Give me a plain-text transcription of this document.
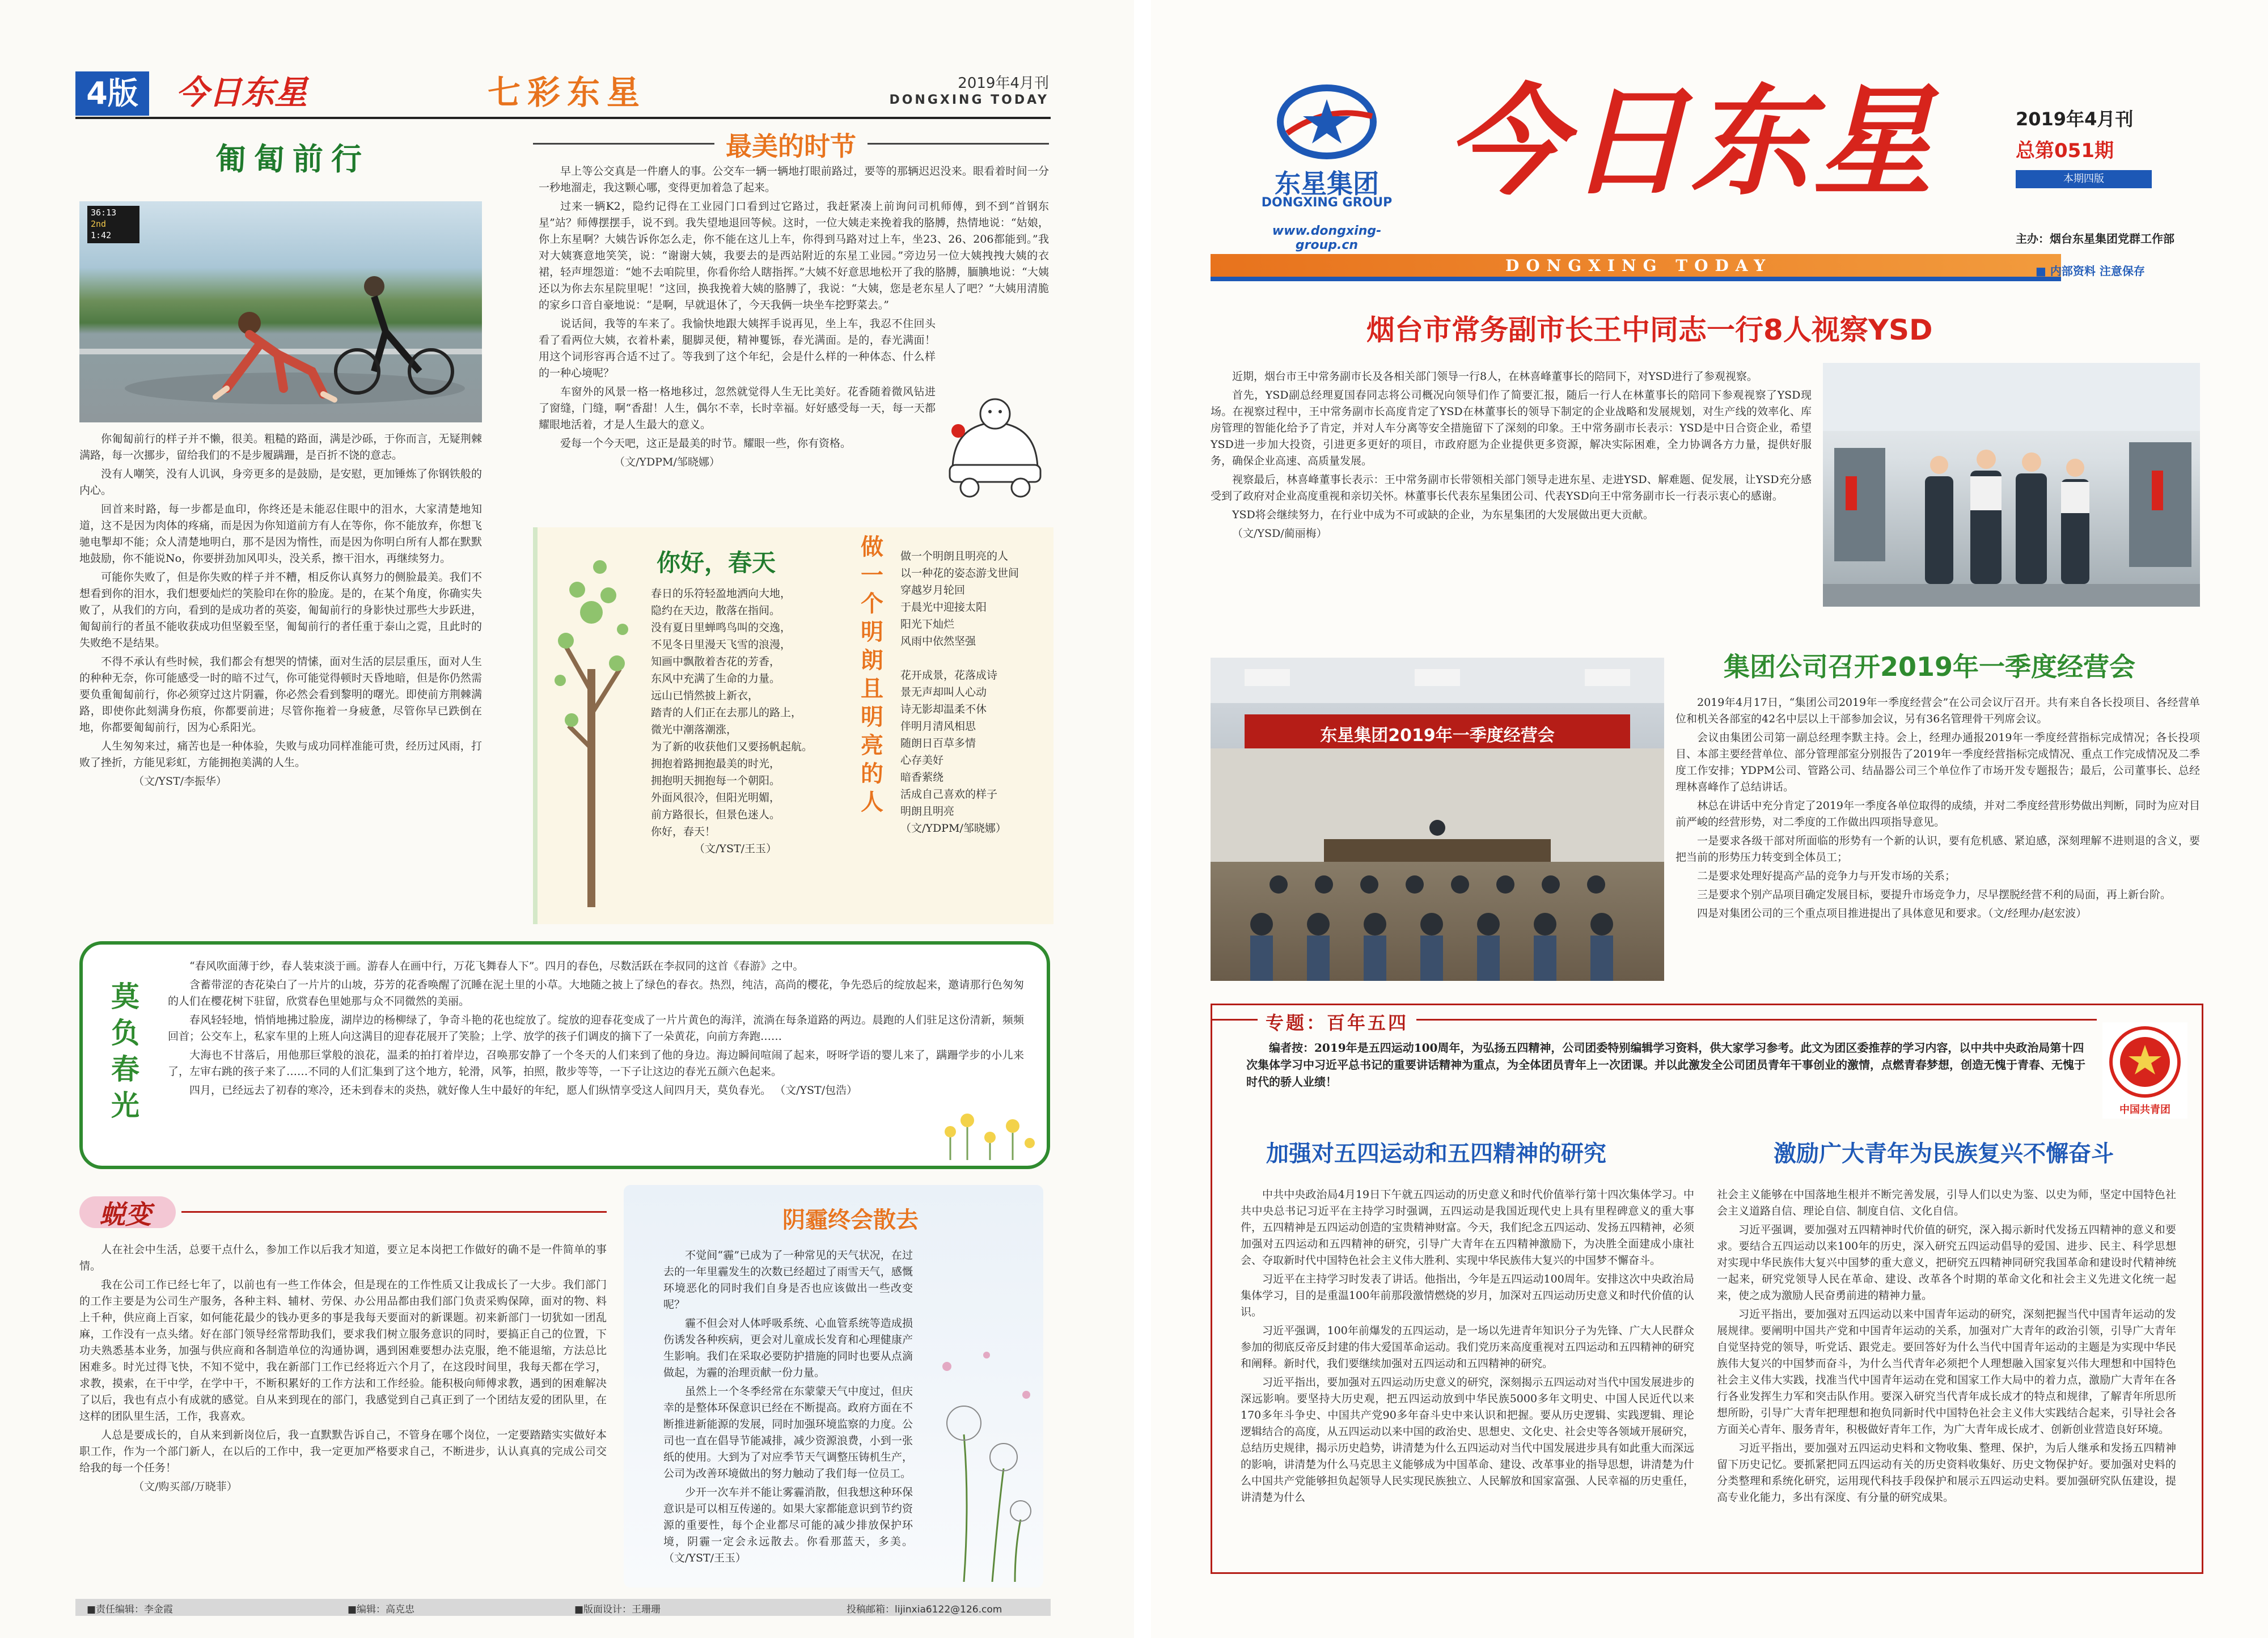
4版	今日东星	七彩东星	2019年4月刊
DONGXING TODAY
匍匐前行
36:13
2nd
1:42

你匍匐前行的样子并不懒，很美。粗糙的路面，满是沙砾，于你而言，无疑荆棘满路，每一次挪步，留给我们的不是步履蹒跚，是百折不饶的意志。

没有人嘲笑，没有人讥讽，身旁更多的是鼓励，是安慰，更加锤炼了你钢铁般的内心。

回首来时路，每一步都是血印，你终还是未能忍住眼中的泪水，大家清楚地知道，这不是因为肉体的疼痛，而是因为你知道前方有人在等你，你不能放弃，你想飞驰电掣却不能；众人清楚地明白，那不是因为惰性，而是因为你明白所有人都在默默地鼓励，你不能说No，你要拼劲加风叩头，没关系，擦干泪水，再继续努力。

可能你失败了，但是你失败的样子并不糟，相反你认真努力的侧脸最美。我们不想看到你的泪水，我们想要灿烂的笑脸印在你的脸庞。是的，在某个角度，你确实失败了，从我们的方向，看到的是成功者的英姿，匍匐前行的身影快过那些大步跃进，匍匐前行的者虽不能收获成功但坚毅至坚，匍匐前行的者任重于泰山之霓，且此时的失败绝不是结果。

不得不承认有些时候，我们都会有想哭的情愫，面对生活的层层重压，面对人生的种种无奈，你可能感受一时的暗不过气，你可能觉得顿时天昏地暗，但是你仍然需要负重匍匐前行，你必须穿过这片阴霾，你必然会看到黎明的曙光。即使前方荆棘满路，即使你此刻满身伤痕，你都要前进；尽管你拖着一身疲惫，尽管你早已跌倒在地，你都要匍匐前行，因为心系阳光。

人生匆匆来过，痛苦也是一种体验，失败与成功同样准能可贵，经历过风雨，打败了挫折，方能见彩虹，方能拥抱美满的人生。

（文/YST/李振华）
最美的时节

早上等公交真是一件磨人的事。公交车一辆一辆地打眼前路过，要等的那辆迟迟没来。眼看着时间一分一秒地溜走，我这颗心哪，变得更加着急了起来。

过来一辆K2，隐约记得在工业园门口看到过它路过，我赶紧凑上前询问司机师傅，到不到“首钢东星”站？师傅摆摆手，说不到。我失望地退回等候。这时，一位大姨走来挽着我的胳膊，热情地说：“姑娘，你上东星啊？大姨告诉你怎么走，你不能在这儿上车，你得到马路对过上车，坐23、26、206都能到。”我对大姨赛意地笑笑，说：“谢谢大姨，我要去的是西站附近的东星工业园。”旁边另一位大姨拽拽大姨的衣裙，轻声埋怨道：“她不去咱院里，你看你给人瞎指挥。”大姨不好意思地松开了我的胳膊，腼腆地说：“大姨还以为你去东星院里呢！”这回，换我挽着大姨的胳膊了，我说：“大姨，您是老东星人了吧？”大姨用清脆的家乡口音自豪地说：“是啊，早就退休了，今天我俩一块坐车挖野菜去。”

说话间，我等的车来了。我愉快地跟大姨挥手说再见，坐上车，我忍不住回头看了看两位大姨，衣着朴素，腿脚灵便，精神矍铄，春光满面。是的，春光满面！用这个词形容再合适不过了。等我到了这个年纪，会是什么样的一种体态、什么样的一种心境呢？

车窗外的风景一格一格地移过，忽然就觉得人生无比美好。花香随着微风钻进了窗缝，门缝，啊“香甜！人生，偶尔不幸，长时幸福。好好感受每一天，每一天都耀眼地活着，才是人生最大的意义。

爱每一个今天吧，这正是最美的时节。耀眼一些，你有资格。

（文/YDPM/邹晓娜）
你好，春天
春日的乐符轻盈地洒向大地，
隐约在天边，散落在指间。
没有夏日里蝉鸣鸟叫的交逸，
不见冬日里漫天飞雪的浪漫，
知画中飘散着杏花的芳香，
东风中充满了生命的力量。
远山已悄然披上新衣，
踏青的人们正在去那儿的路上，
微光中潮落潮涨，
为了新的收获他们又要扬帆起航。
拥抱着路拥抱最美的时光，
拥抱明天拥抱每一个朝阳。
外面风很冷，但阳光明媚，
前方路很长，但景色迷人。
你好，春天！
（文/YST/王玉）
做一个明朗且明亮的人
做一个明朗且明亮的人
以一种花的姿态游戈世间
穿越岁月轮回
于晨光中迎接太阳
阳光下灿烂
风雨中依然坚强
花开成景，花落成诗
景无声却叫人心动
诗无影却温柔不休
伴明月清风相思
随朗日百草多情
心存美好
暗香萦绕
活成自己喜欢的样子
明朗且明亮
（文/YDPM/邹晓娜）
莫负
春光

“春风吹面薄于纱，春人装束淡于画。游春人在画中行，万花飞舞春人下”。四月的春色，尽数活跃在李叔同的这首《春游》之中。

含蓄带涩的杏花染白了一片片的山坡，芬芳的花香唤醒了沉睡在泥土里的小草。大地随之披上了绿色的春衣。热烈，纯洁，高尚的樱花，争先恐后的绽放起来，邀请那行色匆匆的人们在樱花树下驻留，欣赏春色里她那与众不同微然的美丽。

春风轻轻地，悄悄地拂过脸庞，湖岸边的杨柳绿了，争奇斗艳的花也绽放了。绽放的迎春花变成了一片片黄色的海洋，流淌在每条道路的两边。晨跑的人们驻足这份清新，频频回首；公交车上，私家车里的上班人向这满目的迎春花展开了笑脸；上学、放学的孩子们调皮的摘下了一朵黄花，向前方奔跑……

大海也不甘落后，用他那巨掌般的浪花，温柔的拍打着岸边，召唤那安静了一个冬天的人们来到了他的身边。海边瞬间喧闹了起来，呀呀学语的婴儿来了，蹒跚学步的小儿来了，左审右跳的孩子来了……不同的人们汇集到了这个地方，轮滑，风筝，拍照，散步等等，一下子让这边的春光五颜六色起来。

四月，已经远去了初春的寒冷，还未到春末的炎热，就好像人生中最好的年纪，愿人们纵情享受这人间四月天，莫负春光。 （文/YST/包浩）

蜕变

人在社会中生活，总要干点什么，参加工作以后我才知道，要立足本岗把工作做好的确不是一件简单的事情。

我在公司工作已经七年了，以前也有一些工作体会，但是现在的工作性质又让我成长了一大步。我们部门的工作主要是为公司生产服务，各种主料、辅材、劳保、办公用品都由我们部门负责采购保障，面对的物、料上千种，供应商上百家，如何能花最少的钱办更多的事是我每天要面对的新课题。初来新部门一切犹如一团乱麻，工作没有一点头绪。好在部门领导经常帮助我们，要求我们树立服务意识的同时，要搞正自己的位置，下功夫熟悉基本业务，加强与供应商和各制造单位的沟通协调，遇到困难要想办法克服，绝不能退缩，方法总比困难多。时光过得飞快，不知不觉中，我在新部门工作已经将近六个月了，在这段时间里，我每天都在学习，求教，摸索，在干中学，在学中干，不断积累好的工作方法和工作经验。能积极向师傅求教，遇到的困难解决了以后，我也有点小有成就的感觉。自从来到现在的部门，我感觉到自己真正到了一个团结友爱的团队里，在这样的团队里生活，工作，我喜欢。

人总是要成长的，自从来到新岗位后，我一直默默告诉自己，不管身在哪个岗位，一定要踏踏实实做好本职工作，作为一个部门新人，在以后的工作中，我一定更加严格要求自己，不断进步，认认真真的完成公司交给我的每一个任务！

（文/购买部/万晓菲）
阴霾终会散去

不觉间“霾”已成为了一种常见的天气状况，在过去的一年里霾发生的次数已经超过了雨雪天气，感慨环境恶化的同时我们自身是否也应该做出一些改变呢？

霾不但会对人体呼吸系统、心血管系统等造成损伤诱发各种疾病，更会对儿童成长发育和心理健康产生影响。我们在采取必要防护措施的同时也要从点滴做起，为霾的治理贡献一份力量。

虽然上一个冬季经常在东蒙蒙天气中度过，但庆幸的是整体环保意识已经在不断提高。政府方面在不断推进新能源的发展，同时加强环境监察的力度。公司也一直在倡导节能减排，减少资源浪费，小到一张纸的使用。大到为了对应季节天气调整压铸机生产，公司为改善环境做出的努力触动了我们每一位员工。

少开一次车并不能让雾霾消散，但我想这种环保意识是可以相互传递的。如果大家都能意识到节约资源的重要性，每个企业都尽可能的减少排放保护环境，阴霾一定会永远散去。你看那蓝天，多美。 （文/YST/王玉）

■责任编辑：李金霞	■编辑：高克忠	■版面设计：王珊珊	投稿邮箱：lijinxia6122@126.com
东星集团
DONGXING GROUP
www.dongxing-group.cn
今日东星	2019年4月刊
总第051期
本期四版
主办：烟台东星集团党群工作部
DONGXING TODAY	■ 内部资料 注意保存
烟台市常务副市长王中同志一行8人视察YSD

近期，烟台市王中常务副市长及各相关部门领导一行8人，在林喜峰董事长的陪同下，对YSD进行了参观视察。

首先，YSD副总经理夏国春同志将公司概况向领导们作了简要汇报，随后一行人在林董事长的陪同下参观视察了YSD现场。在视察过程中，王中常务副市长高度肯定了YSD在林董事长的领导下制定的企业战略和发展规划，对生产线的效率化、库房管理的智能化给予了肯定，并对人车分离等安全措施留下了深刻的印象。王中常务副市长表示：YSD是中日合资企业，希望YSD进一步加大投资，引进更多更好的项目，市政府愿为企业提供更多资源，解决实际困难，全力协调各方力量，提供好服务，确保企业高速、高质量发展。

视察最后，林喜峰董事长表示：王中常务副市长带领相关部门领导走进东星、走进YSD、解难题、促发展，让YSD充分感受到了政府对企业高度重视和亲切关怀。林董事长代表东星集团公司、代表YSD向王中常务副市长一行表示衷心的感谢。

YSD将会继续努力，在行业中成为不可或缺的企业，为东星集团的大发展做出更大贡献。

（文/YSD/蔺丽梅）
东星集团2019年一季度经营会
集团公司召开2019年一季度经营会

2019年4月17日，“集团公司2019年一季度经营会”在公司会议厅召开。共有来自各长投项目、各经营单位和机关各部室的42名中层以上干部参加会议，另有36名管理骨干列席会议。

会议由集团公司第一副总经理李默主持。会上，经理办通报2019年一季度经营指标完成情况；各长投项目、本部主要经营单位、部分管理部室分别报告了2019年一季度经营指标完成情况、重点工作完成情况及二季度工作安排；YDPM公司、管路公司、结晶器公司三个单位作了市场开发专题报告；最后，公司董事长、总经理林喜峰作了总结讲话。

林总在讲话中充分肯定了2019年一季度各单位取得的成绩，并对二季度经营形势做出判断，同时为应对目前严峻的经营形势，对二季度的工作做出四项指导意见。

一是要求各级干部对所面临的形势有一个新的认识，要有危机感、紧迫感，深刻理解不进则退的含义，要把当前的形势压力转变到全体员工；

二是要求处理好提高产品的竞争力与开发市场的关系；

三是要求个别产品项目确定发展目标，要提升市场竞争力，尽早摆脱经营不利的局面，再上新台阶。

四是对集团公司的三个重点项目推进提出了具体意见和要求。（文/经理办/赵宏波）

专题：百年五四
中国共青团
编者按：2019年是五四运动100周年，为弘扬五四精神，公司团委特别编辑学习资料，供大家学习参考。此文为团区委推荐的学习内容，以中共中央政治局第十四次集体学习中习近平总书记的重要讲话精神为重点，为全体团员青年上一次团课。并以此激发全公司团员青年干事创业的激情，点燃青春梦想，创造无愧于青春、无愧于时代的骄人业绩！
加强对五四运动和五四精神的研究	激励广大青年为民族复兴不懈奋斗

中共中央政治局4月19日下午就五四运动的历史意义和时代价值举行第十四次集体学习。中共中央总书记习近平在主持学习时强调，五四运动是我国近现代史上具有里程碑意义的重大事件，五四精神是五四运动创造的宝贵精神财富。今天，我们纪念五四运动、发扬五四精神，必须加强对五四运动和五四精神的研究，引导广大青年在五四精神激励下，为决胜全面建成小康社会、夺取新时代中国特色社会主义伟大胜利、实现中华民族伟大复兴的中国梦不懈奋斗。

习近平在主持学习时发表了讲话。他指出，今年是五四运动100周年。安排这次中央政治局集体学习，目的是重温100年前那段激情燃烧的岁月，加深对五四运动历史意义和时代价值的认识。

习近平强调，100年前爆发的五四运动，是一场以先进青年知识分子为先锋、广大人民群众参加的彻底反帝反封建的伟大爱国革命运动。我们党历来高度重视对五四运动和五四精神的研究和阐释。新时代，我们要继续加强对五四运动和五四精神的研究。

习近平指出，要加强对五四运动历史意义的研究，深刻揭示五四运动对当代中国发展进步的深远影响。要坚持大历史观，把五四运动放到中华民族5000多年文明史、中国人民近代以来170多年斗争史、中国共产党90多年奋斗史中来认识和把握。要从历史逻辑、实践逻辑、理论逻辑结合的高度，从五四运动以来中国的政治史、思想史、文化史、社会史等各领域开展研究，总结历史规律，揭示历史趋势，讲清楚为什么五四运动对当代中国发展进步具有如此重大而深远的影响，讲清楚为什么马克思主义能够成为中国革命、建设、改革事业的指导思想，讲清楚为什么中国共产党能够担负起领导人民实现民族独立、人民解放和国家富强、人民幸福的历史重任，讲清楚为什么

社会主义能够在中国落地生根并不断完善发展，引导人们以史为鉴、以史为师，坚定中国特色社会主义道路自信、理论自信、制度自信、文化自信。

习近平强调，要加强对五四精神时代价值的研究，深入揭示新时代发扬五四精神的意义和要求。要结合五四运动以来100年的历史，深入研究五四运动倡导的爱国、进步、民主、科学思想对实现中华民族伟大复兴中国梦的重大意义，把研究五四精神同研究我国革命和建设时代精神统一起来，研究党领导人民在革命、建设、改革各个时期的革命文化和社会主义先进文化统一起来，使之成为激励人民奋勇前进的精神力量。

习近平指出，要加强对五四运动以来中国青年运动的研究，深刻把握当代中国青年运动的发展规律。要阐明中国共产党和中国青年运动的关系，加强对广大青年的政治引领，引导广大青年自觉坚持党的领导，听党话、跟党走。要回答好为什么当代中国青年运动的主题是为实现中华民族伟大复兴的中国梦而奋斗，为什么当代青年必须把个人理想融入国家复兴伟大理想和中国特色社会主义伟大实践，找准当代中国青年运动在党和国家工作大局中的着力点，激励广大青年在各行各业发挥生力军和突击队作用。要深入研究当代青年成长成才的特点和规律，了解青年所思所想所盼，引导广大青年把理想和抱负同新时代中国特色社会主义伟大实践结合起来，引导社会各方面关心青年、服务青年，积极做好青年工作，为广大青年成长成才、创新创业营造良好环境。

习近平指出，要加强对五四运动史料和文物收集、整理、保护，为后人继承和发扬五四精神留下历史记忆。要抓紧把同五四运动有关的历史资料收集好、历史文物保护好。要加强对史料的分类整理和系统化研究，运用现代科技手段保护和展示五四运动史料。要加强研究队伍建设，提高专业化能力，多出有深度、有分量的研究成果。
